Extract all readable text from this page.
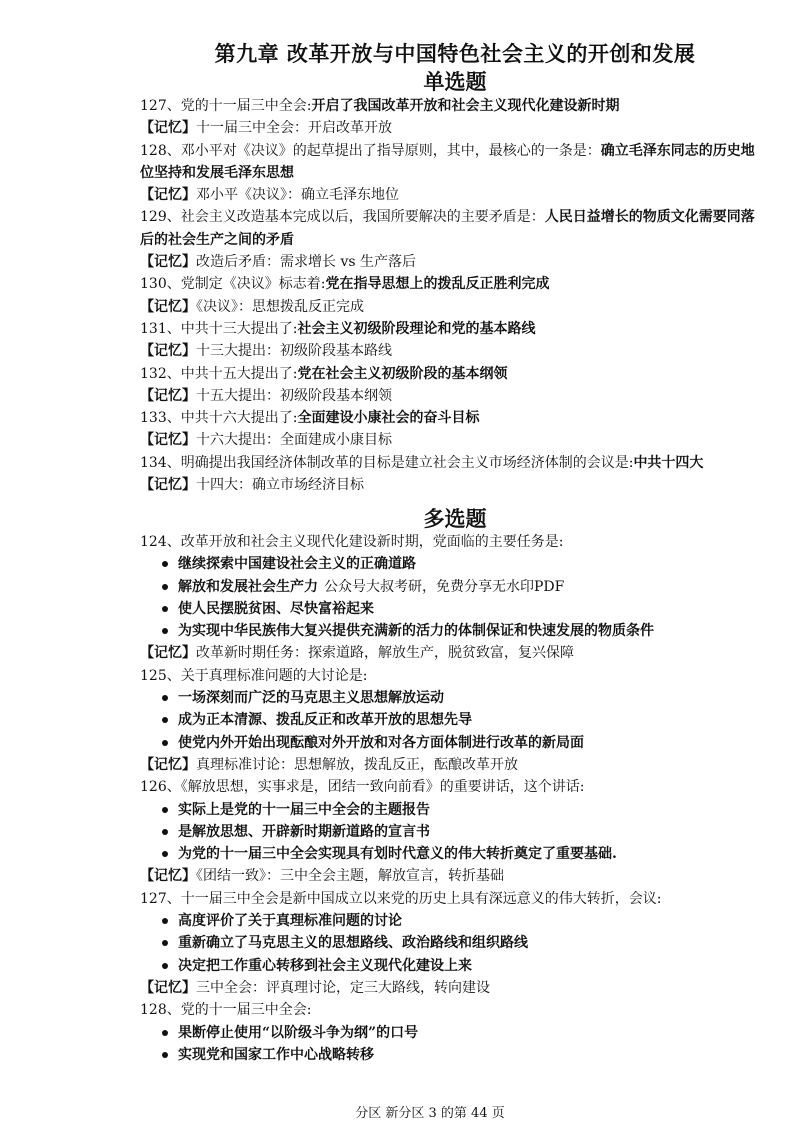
第九章 改革开放与中国特色社会主义的开创和发展
单选题
127、党的十一届三中全会:开启了我国改革开放和社会主义现代化建设新时期
【记忆】十一届三中全会：开启改革开放
128、邓小平对《决议》的起草提出了指导原则，其中，最核心的一条是：确立毛泽东同志的历史地位坚持和发展毛泽东思想
【记忆】邓小平《决议》：确立毛泽东地位
129、社会主义改造基本完成以后，我国所要解决的主要矛盾是：人民日益增长的物质文化需要同落后的社会生产之间的矛盾
【记忆】改造后矛盾：需求增长 vs 生产落后
130、党制定《决议》标志着:党在指导思想上的拨乱反正胜利完成
【记忆】《决议》：思想拨乱反正完成
131、中共十三大提出了:社会主义初级阶段理论和党的基本路线
【记忆】十三大提出：初级阶段基本路线
132、中共十五大提出了:党在社会主义初级阶段的基本纲领
【记忆】十五大提出：初级阶段基本纲领
133、中共十六大提出了:全面建设小康社会的奋斗目标
【记忆】十六大提出：全面建成小康目标
134、明确提出我国经济体制改革的目标是建立社会主义市场经济体制的会议是:中共十四大
【记忆】十四大：确立市场经济目标
多选题
124、改革开放和社会主义现代化建设新时期，党面临的主要任务是:
继续探索中国建设社会主义的正确道路
解放和发展社会生产力 公众号大叔考研，免费分享无水印PDF
使人民摆脱贫困、尽快富裕起来
为实现中华民族伟大复兴提供充满新的活力的体制保证和快速发展的物质条件
【记忆】改革新时期任务：探索道路，解放生产，脱贫致富，复兴保障
125、关于真理标准问题的大讨论是:
一场深刻而广泛的马克思主义思想解放运动
成为正本清源、拨乱反正和改革开放的思想先导
使党内外开始出现酝酿对外开放和对各方面体制进行改革的新局面
【记忆】真理标准讨论：思想解放，拨乱反正，酝酿改革开放
126、《解放思想，实事求是，团结一致向前看》的重要讲话，这个讲话:
实际上是党的十一届三中全会的主题报告
是解放思想、开辟新时期新道路的宣言书
为党的十一届三中全会实现具有划时代意义的伟大转折奠定了重要基础.
【记忆】《团结一致》：三中全会主题，解放宣言，转折基础
127、十一届三中全会是新中国成立以来党的历史上具有深远意义的伟大转折，会议:
高度评价了关于真理标准问题的讨论
重新确立了马克思主义的思想路线、政治路线和组织路线
决定把工作重心转移到社会主义现代化建设上来
【记忆】三中全会：评真理讨论，定三大路线，转向建设
128、党的十一届三中全会:
果断停止使用“以阶级斗争为纲”的口号
实现党和国家工作中心战略转移
分区 新分区 3 的第 44 页
